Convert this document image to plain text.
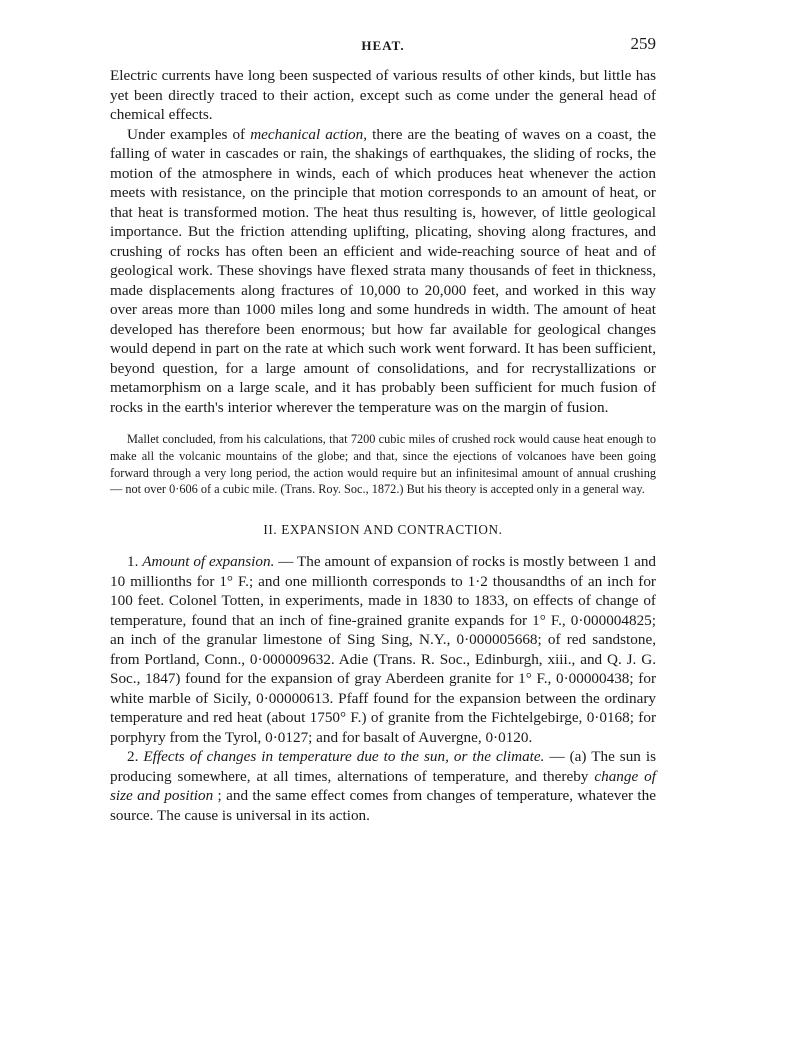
HEAT.	259

Electric currents have long been suspected of various results of other kinds, but little has yet been directly traced to their action, except such as come under the general head of chemical effects.

Under examples of mechanical action, there are the beating of waves on a coast, the falling of water in cascades or rain, the shakings of earthquakes, the sliding of rocks, the motion of the atmosphere in winds, each of which produces heat whenever the action meets with resistance, on the principle that motion corresponds to an amount of heat, or that heat is transformed motion. The heat thus resulting is, however, of little geological importance. But the friction attending uplifting, plicating, shoving along fractures, and crushing of rocks has often been an efficient and wide-reaching source of heat and of geological work. These shovings have flexed strata many thousands of feet in thickness, made displacements along fractures of 10,000 to 20,000 feet, and worked in this way over areas more than 1000 miles long and some hundreds in width. The amount of heat developed has therefore been enormous; but how far available for geological changes would depend in part on the rate at which such work went forward. It has been sufficient, beyond question, for a large amount of consolidations, and for recrystallizations or metamorphism on a large scale, and it has probably been sufficient for much fusion of rocks in the earth's interior wherever the temperature was on the margin of fusion.

Mallet concluded, from his calculations, that 7200 cubic miles of crushed rock would cause heat enough to make all the volcanic mountains of the globe; and that, since the ejections of volcanoes have been going forward through a very long period, the action would require but an infinitesimal amount of annual crushing — not over 0·606 of a cubic mile. (Trans. Roy. Soc., 1872.) But his theory is accepted only in a general way.

II. EXPANSION AND CONTRACTION.

1. Amount of expansion. — The amount of expansion of rocks is mostly between 1 and 10 millionths for 1° F.; and one millionth corresponds to 1·2 thousandths of an inch for 100 feet. Colonel Totten, in experiments, made in 1830 to 1833, on effects of change of temperature, found that an inch of fine-grained granite expands for 1° F., 0·000004825; an inch of the granular limestone of Sing Sing, N.Y., 0·000005668; of red sandstone, from Portland, Conn., 0·000009632. Adie (Trans. R. Soc., Edinburgh, xiii., and Q. J. G. Soc., 1847) found for the expansion of gray Aberdeen granite for 1° F., 0·00000438; for white marble of Sicily, 0·00000613. Pfaff found for the expansion between the ordinary temperature and red heat (about 1750° F.) of granite from the Fichtelgebirge, 0·0168; for porphyry from the Tyrol, 0·0127; and for basalt of Auvergne, 0·0120.

2. Effects of changes in temperature due to the sun, or the climate. — (a) The sun is producing somewhere, at all times, alternations of temperature, and thereby change of size and position ; and the same effect comes from changes of temperature, whatever the source. The cause is universal in its action.
